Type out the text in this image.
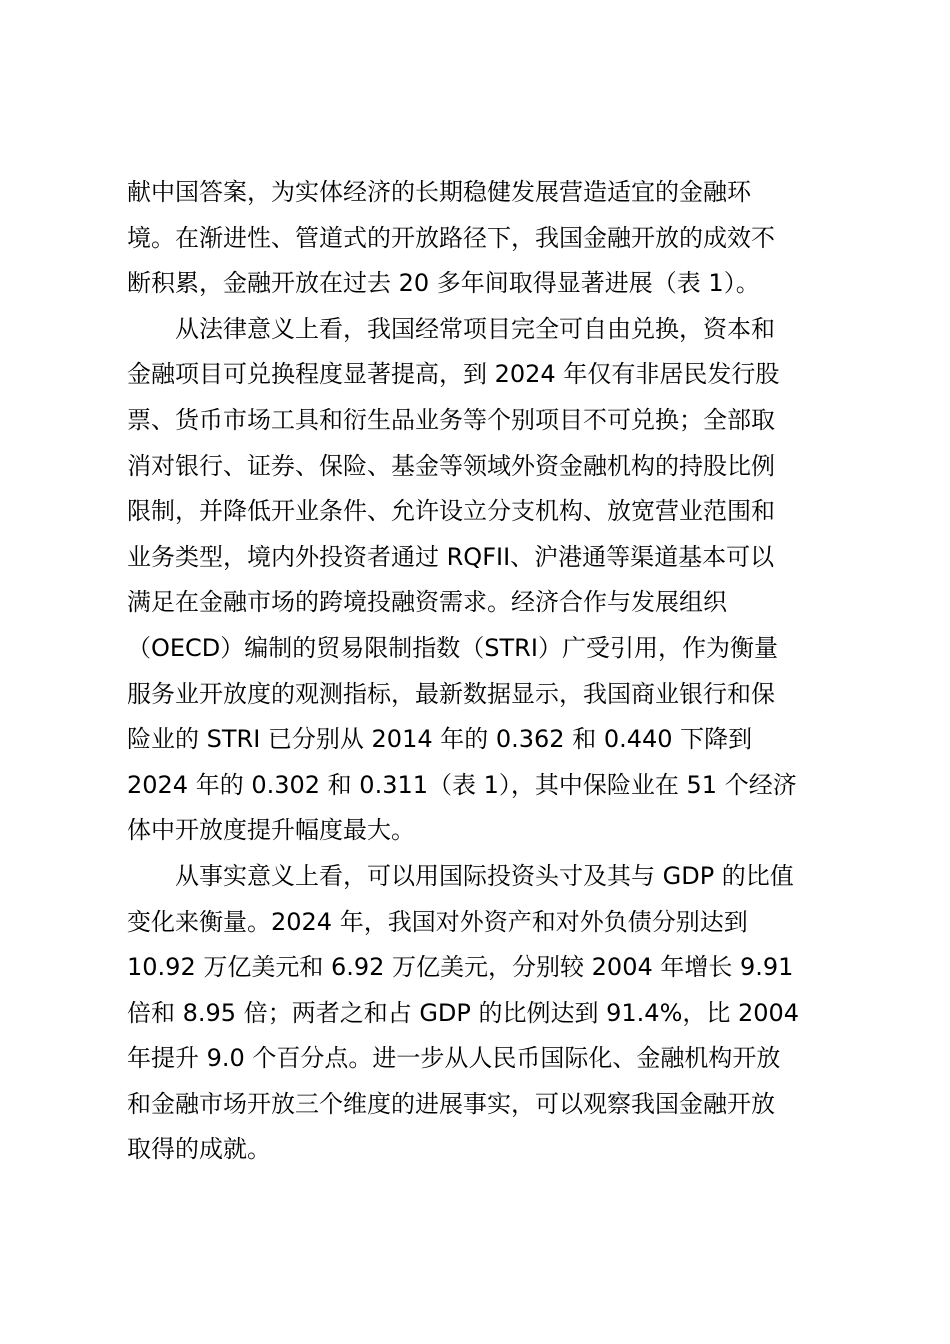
献中国答案，为实体经济的长期稳健发展营造适宜的金融环
境。在渐进性、管道式的开放路径下，我国金融开放的成效不
断积累，金融开放在过去 20 多年间取得显著进展（表 1）。

从法律意义上看，我国经常项目完全可自由兑换，资本和
金融项目可兑换程度显著提高，到 2024 年仅有非居民发行股
票、货币市场工具和衍生品业务等个别项目不可兑换；全部取
消对银行、证券、保险、基金等领域外资金融机构的持股比例
限制，并降低开业条件、允许设立分支机构、放宽营业范围和
业务类型，境内外投资者通过 RQFII、沪港通等渠道基本可以
满足在金融市场的跨境投融资需求。经济合作与发展组织
（OECD）编制的贸易限制指数（STRI）广受引用，作为衡量
服务业开放度的观测指标，最新数据显示，我国商业银行和保
险业的 STRI 已分别从 2014 年的 0.362 和 0.440 下降到
2024 年的 0.302 和 0.311（表 1），其中保险业在 51 个经济
体中开放度提升幅度最大。

从事实意义上看，可以用国际投资头寸及其与 GDP 的比值
变化来衡量。2024 年，我国对外资产和对外负债分别达到
10.92 万亿美元和 6.92 万亿美元，分别较 2004 年增长 9.91
倍和 8.95 倍；两者之和占 GDP 的比例达到 91.4%，比 2004
年提升 9.0 个百分点。进一步从人民币国际化、金融机构开放
和金融市场开放三个维度的进展事实，可以观察我国金融开放
取得的成就。
